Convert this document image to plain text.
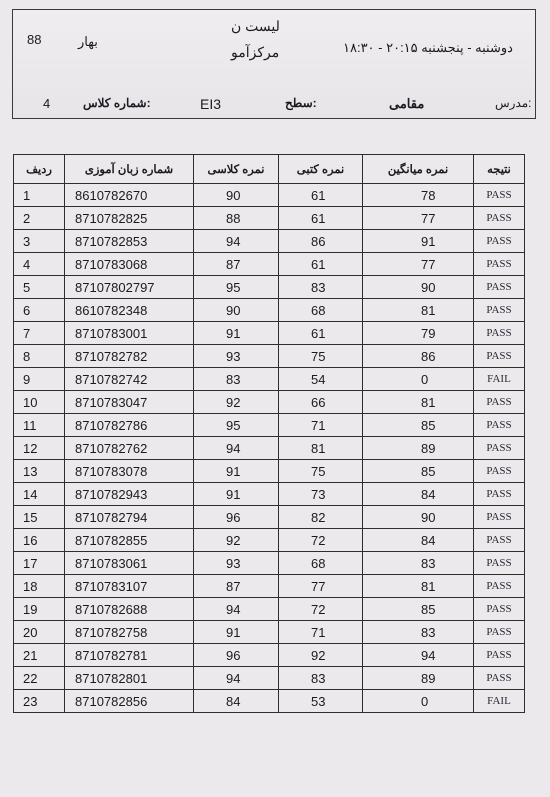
88	بهار
لیست ن
مرکزآمو	دوشنبه - پنجشنبه ۲۰:۱۵ - ۱۸:۳۰
4	شماره کلاس:	EI3	سطح:	مقامی	مدرس:
ردیف	شماره زبان آموزی	نمره کلاسی	نمره کتبی	نمره میانگین	نتیجه
1	8610782670	90	61	78	PASS
2	8710782825	88	61	77	PASS
3	8710782853	94	86	91	PASS
4	8710783068	87	61	77	PASS
5	87107802797	95	83	90	PASS
6	8610782348	90	68	81	PASS
7	8710783001	91	61	79	PASS
8	8710782782	93	75	86	PASS
9	8710782742	83	54	0	FAIL
10	8710783047	92	66	81	PASS
11	8710782786	95	71	85	PASS
12	8710782762	94	81	89	PASS
13	8710783078	91	75	85	PASS
14	8710782943	91	73	84	PASS
15	8710782794	96	82	90	PASS
16	8710782855	92	72	84	PASS
17	8710783061	93	68	83	PASS
18	8710783107	87	77	81	PASS
19	8710782688	94	72	85	PASS
20	8710782758	91	71	83	PASS
21	8710782781	96	92	94	PASS
22	8710782801	94	83	89	PASS
23	8710782856	84	53	0	FAIL
